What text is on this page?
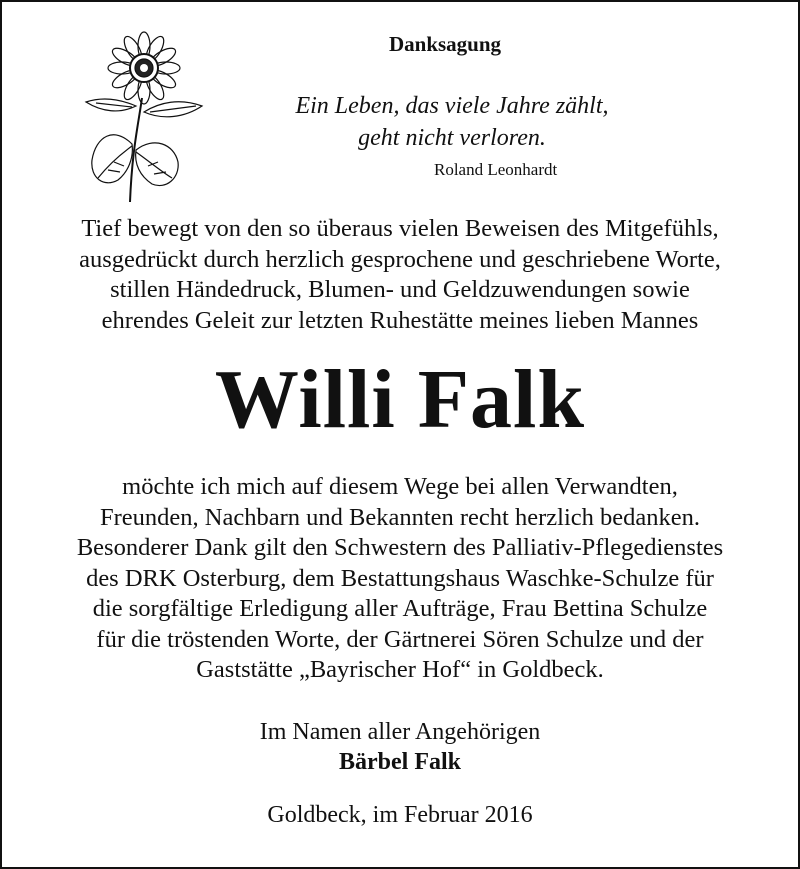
Danksagung
Ein Leben, das viele Jahre zählt,
geht nicht verloren.
Roland Leonhardt
Tief bewegt von den so überaus vielen Beweisen des Mitgefühls,
ausgedrückt durch herzlich gesprochene und geschriebene Worte,
stillen Händedruck, Blumen- und Geldzuwendungen sowie
ehrendes Geleit zur letzten Ruhestätte meines lieben Mannes
Willi Falk
möchte ich mich auf diesem Wege bei allen Verwandten,
Freunden, Nachbarn und Bekannten recht herzlich bedanken.
Besonderer Dank gilt den Schwestern des Palliativ-Pflegedienstes
des DRK Osterburg, dem Bestattungshaus Waschke-Schulze für
die sorgfältige Erledigung aller Aufträge, Frau Bettina Schulze
für die tröstenden Worte, der Gärtnerei Sören Schulze und der
Gaststätte „Bayrischer Hof“ in Goldbeck.
Im Namen aller Angehörigen
Bärbel Falk
Goldbeck, im Februar 2016
